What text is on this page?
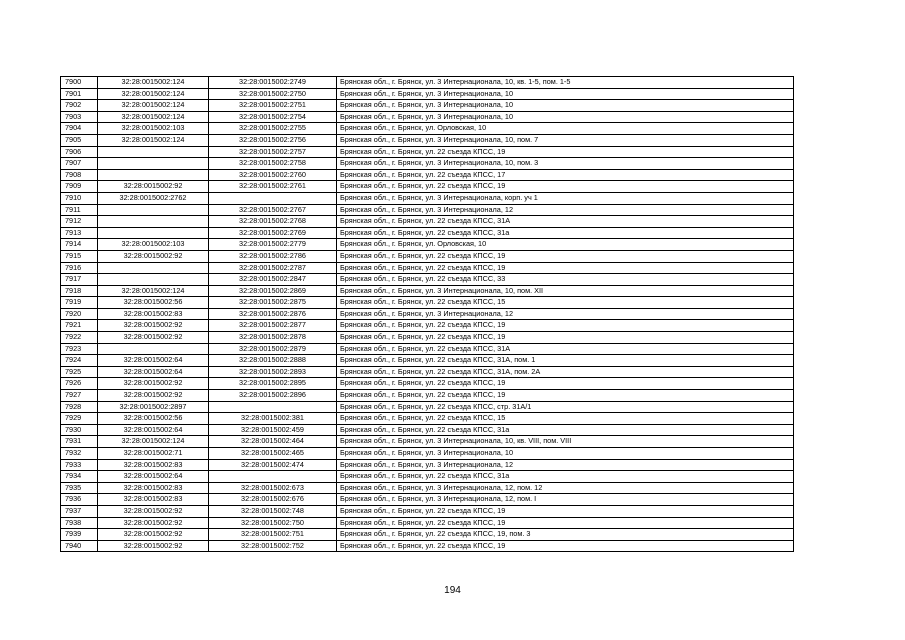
7900	32:28:0015002:124	32:28:0015002:2749	Брянская обл., г. Брянск, ул. 3 Интернационала, 10, кв. 1-5, пом. 1-5
7901	32:28:0015002:124	32:28:0015002:2750	Брянская обл., г. Брянск, ул. 3 Интернационала, 10
7902	32:28:0015002:124	32:28:0015002:2751	Брянская обл., г. Брянск, ул. 3 Интернационала, 10
7903	32:28:0015002:124	32:28:0015002:2754	Брянская обл., г. Брянск, ул. 3 Интернационала, 10
7904	32:28:0015002:103	32:28:0015002:2755	Брянская обл., г. Брянск, ул. Орловская, 10
7905	32:28:0015002:124	32:28:0015002:2756	Брянская обл., г. Брянск, ул. 3 Интернационала, 10, пом. 7
7906		32:28:0015002:2757	Брянская обл., г. Брянск, ул. 22 съезда КПСС, 19
7907		32:28:0015002:2758	Брянская обл., г. Брянск, ул. 3 Интернационала, 10, пом. 3
7908		32:28:0015002:2760	Брянская обл., г. Брянск, ул. 22 съезда КПСС, 17
7909	32:28:0015002:92	32:28:0015002:2761	Брянская обл., г. Брянск, ул. 22 съезда КПСС, 19
7910	32:28:0015002:2762		Брянская обл., г. Брянск, ул. 3 Интернационала, корп. уч 1
7911		32:28:0015002:2767	Брянская обл., г. Брянск, ул. 3 Интернационала, 12
7912		32:28:0015002:2768	Брянская обл., г. Брянск, ул. 22 съезда КПСС, 31А
7913		32:28:0015002:2769	Брянская обл., г. Брянск, ул. 22 съезда КПСС, 31а
7914	32:28:0015002:103	32:28:0015002:2779	Брянская обл., г. Брянск, ул. Орловская, 10
7915	32:28:0015002:92	32:28:0015002:2786	Брянская обл., г. Брянск, ул. 22 съезда КПСС, 19
7916		32:28:0015002:2787	Брянская обл., г. Брянск, ул. 22 съезда КПСС, 19
7917		32:28:0015002:2847	Брянская обл., г. Брянск, ул. 22 съезда КПСС, 33
7918	32:28:0015002:124	32:28:0015002:2869	Брянская обл., г. Брянск, ул. 3 Интернационала, 10, пом. XII
7919	32:28:0015002:56	32:28:0015002:2875	Брянская обл., г. Брянск, ул. 22 съезда КПСС, 15
7920	32:28:0015002:83	32:28:0015002:2876	Брянская обл., г. Брянск, ул. 3 Интернационала, 12
7921	32:28:0015002:92	32:28:0015002:2877	Брянская обл., г. Брянск, ул. 22 съезда КПСС, 19
7922	32:28:0015002:92	32:28:0015002:2878	Брянская обл., г. Брянск, ул. 22 съезда КПСС, 19
7923		32:28:0015002:2879	Брянская обл., г. Брянск, ул. 22 съезда КПСС, 31А
7924	32:28:0015002:64	32:28:0015002:2888	Брянская обл., г. Брянск, ул. 22 съезда КПСС, 31А, пом. 1
7925	32:28:0015002:64	32:28:0015002:2893	Брянская обл., г. Брянск, ул. 22 съезда КПСС, 31А, пом. 2А
7926	32:28:0015002:92	32:28:0015002:2895	Брянская обл., г. Брянск, ул. 22 съезда КПСС, 19
7927	32:28:0015002:92	32:28:0015002:2896	Брянская обл., г. Брянск, ул. 22 съезда КПСС, 19
7928	32:28:0015002:2897		Брянская обл., г. Брянск, ул. 22 съезда КПСС, стр. 31А/1
7929	32:28:0015002:56	32:28:0015002:381	Брянская обл., г. Брянск, ул. 22 съезда КПСС, 15
7930	32:28:0015002:64	32:28:0015002:459	Брянская обл., г. Брянск, ул. 22 съезда КПСС, 31а
7931	32:28:0015002:124	32:28:0015002:464	Брянская обл., г. Брянск, ул. 3 Интернационала, 10, кв. VIII, пом. VIII
7932	32:28:0015002:71	32:28:0015002:465	Брянская обл., г. Брянск, ул. 3 Интернационала, 10
7933	32:28:0015002:83	32:28:0015002:474	Брянская обл., г. Брянск, ул. 3 Интернационала, 12
7934	32:28:0015002:64		Брянская обл., г. Брянск, ул. 22 съезда КПСС, 31а
7935	32:28:0015002:83	32:28:0015002:673	Брянская обл., г. Брянск, ул. 3 Интернационала, 12, пом. 12
7936	32:28:0015002:83	32:28:0015002:676	Брянская обл., г. Брянск, ул. 3 Интернационала, 12, пом. I
7937	32:28:0015002:92	32:28:0015002:748	Брянская обл., г. Брянск, ул. 22 съезда КПСС, 19
7938	32:28:0015002:92	32:28:0015002:750	Брянская обл., г. Брянск, ул. 22 съезда КПСС, 19
7939	32:28:0015002:92	32:28:0015002:751	Брянская обл., г. Брянск, ул. 22 съезда КПСС, 19, пом. 3
7940	32:28:0015002:92	32:28:0015002:752	Брянская обл., г. Брянск, ул. 22 съезда КПСС, 19
194
